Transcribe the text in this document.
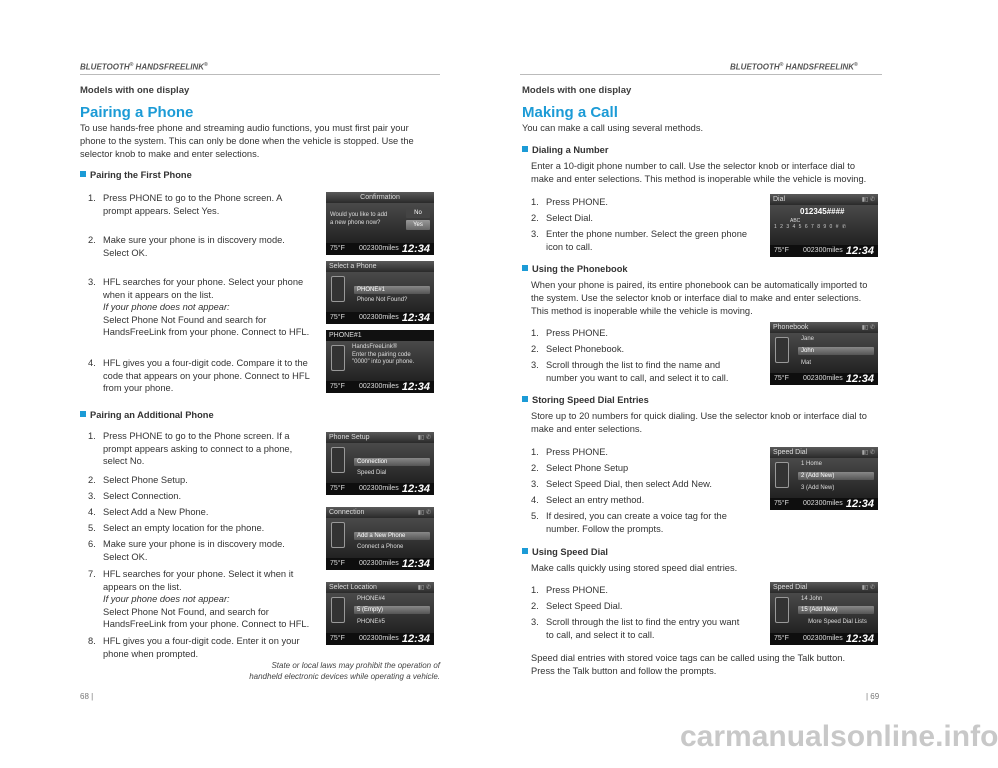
BLUETOOTH® HANDSFREELINK®
Models with one display
Pairing a Phone
To use hands-free phone and streaming audio functions, you must first pair your phone to the system. This can only be done when the vehicle is stopped. Use the selector knob to make and enter selections.
Pairing the First Phone
1. Press PHONE to go to the Phone screen. A
prompt appears. Select Yes.
2. Make sure your phone is in discovery mode.
Select OK.
3. HFL searches for your phone. Select your phone
when it appears on the list.
If your phone does not appear:
Select Phone Not Found and search for
HandsFreeLink from your phone. Connect to HFL.
4. HFL gives you a four-digit code. Compare it to the
code that appears on your phone. Connect to HFL
from your phone.
Pairing an Additional Phone
1. Press PHONE to go to the Phone screen. If a
prompt appears asking to connect to a phone,
select No.
2. Select Phone Setup.
3. Select Connection.
4. Select Add a New Phone.
5. Select an empty location for the phone.
6. Make sure your phone is in discovery mode.
Select OK.
7. HFL searches for your phone. Select it when it
appears on the list.
If your phone does not appear:
Select Phone Not Found, and search for
HandsFreeLink from your phone. Connect to HFL.
8. HFL gives you a four-digit code. Enter it on your
phone when prompted.
State or local laws may prohibit the operation of
handheld electronic devices while operating a vehicle.
68 |
Confirmation
Would you like to add
a new phone now?
No
Yes
75°F 002300miles 12:34
Select a Phone
PHONE#1
Phone Not Found?
75°F 002300miles 12:34
PHONE#1
HandsFreeLink®
Enter the pairing code
"0000" into your phone.
75°F 002300miles 12:34
Phone Setup	▮▯ ✆
Connection
Speed Dial
75°F 002300miles 12:34
Connection	▮▯ ✆
Add a New Phone
Connect a Phone
75°F 002300miles 12:34
Select Location	▮▯ ✆
PHONE#4
5 (Empty)
PHONE#5
75°F 002300miles 12:34
BLUETOOTH® HANDSFREELINK®
Models with one display
Making a Call
You can make a call using several methods.
Dialing a Number
Enter a 10-digit phone number to call. Use the selector knob or interface dial to
make and enter selections. This method is inoperable while the vehicle is moving.
1. Press PHONE.
2. Select Dial.
3. Enter the phone number. Select the green phone
icon to call.
Using the Phonebook
When your phone is paired, its entire phonebook can be automatically imported to
the system. Use the selector knob or interface dial to make and enter selections.
This method is inoperable while the vehicle is moving.
1. Press PHONE.
2. Select Phonebook.
3. Scroll through the list to find the name and
number you want to call, and select it to call.
Storing Speed Dial Entries
Store up to 20 numbers for quick dialing. Use the selector knob or interface dial to
make and enter selections.
1. Press PHONE.
2. Select Phone Setup
3. Select Speed Dial, then select Add New.
4. Select an entry method.
5. If desired, you can create a voice tag for the
number. Follow the prompts.
Using Speed Dial
Make calls quickly using stored speed dial entries.
1. Press PHONE.
2. Select Speed Dial.
3. Scroll through the list to find the entry you want
to call, and select it to call.
Speed dial entries with stored voice tags can be called using the Talk button.
Press the Talk button and follow the prompts.
| 69
Dial	▮▯ ✆
012345####
ABC
1 2 3 4 5 6 7 8 9 0 # ✆
75°F 002300miles 12:34
Phonebook	▮▯ ✆
Jane
John
Mat
75°F 002300miles 12:34
Speed Dial	▮▯ ✆
1 Home
2 (Add New)
3 (Add New)
75°F 002300miles 12:34
Speed Dial	▮▯ ✆
14 John
15 (Add New)
More Speed Dial Lists
75°F 002300miles 12:34
carmanualsonline.info
